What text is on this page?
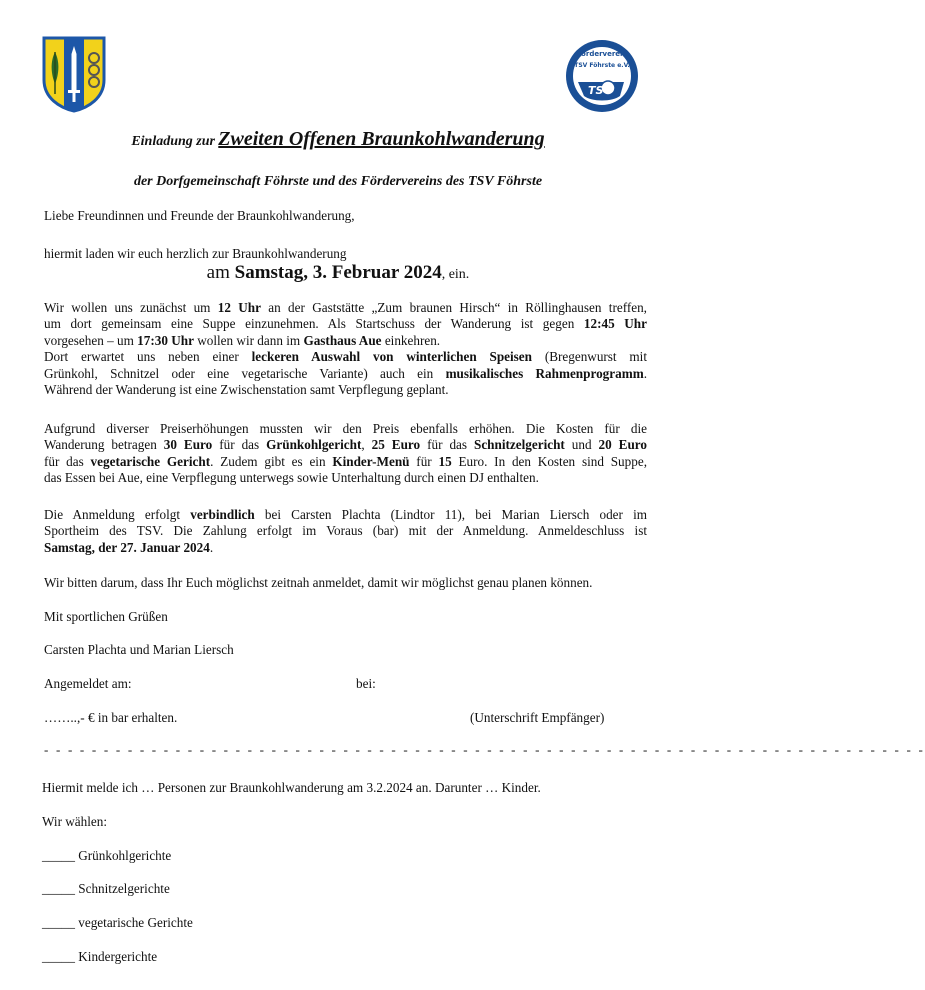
Förderverein
TSV Föhrste e.V.
TS
Einladung zur Zweiten Offenen Braunkohlwanderung
der Dorfgemeinschaft Föhrste und des Fördervereins des TSV Föhrste
Liebe Freundinnen und Freunde der Braunkohlwanderung,
hiermit laden wir euch herzlich zur Braunkohlwanderung
am Samstag, 3. Februar 2024, ein.
Wir wollen uns zunächst um 12 Uhr an der Gaststätte „Zum braunen Hirsch“ in Röllinghausen treffen,
um dort gemeinsam eine Suppe einzunehmen. Als Startschuss der Wanderung ist gegen 12:45 Uhr
vorgesehen – um 17:30 Uhr wollen wir dann im Gasthaus Aue einkehren.
Dort erwartet uns neben einer leckeren Auswahl von winterlichen Speisen (Bregenwurst mit
Grünkohl, Schnitzel oder eine vegetarische Variante) auch ein musikalisches Rahmenprogramm.
Während der Wanderung ist eine Zwischenstation samt Verpflegung geplant.
Aufgrund diverser Preiserhöhungen mussten wir den Preis ebenfalls erhöhen. Die Kosten für die
Wanderung betragen 30 Euro für das Grünkohlgericht, 25 Euro für das Schnitzelgericht und 20 Euro
für das vegetarische Gericht. Zudem gibt es ein Kinder-Menü für 15 Euro. In den Kosten sind Suppe,
das Essen bei Aue, eine Verpflegung unterwegs sowie Unterhaltung durch einen DJ enthalten.
Die Anmeldung erfolgt verbindlich bei Carsten Plachta (Lindtor 11), bei Marian Liersch oder im
Sportheim des TSV. Die Zahlung erfolgt im Voraus (bar) mit der Anmeldung. Anmeldeschluss ist
Samstag, der 27. Januar 2024.
Wir bitten darum, dass Ihr Euch möglichst zeitnah anmeldet, damit wir möglichst genau planen können.
Mit sportlichen Grüßen
Carsten Plachta und Marian Liersch
Angemeldet am:	bei:
……..,- € in bar erhalten.	(Unterschrift Empfänger)
- - - - - - - - - - - - - - - - - - - - - - - - - - - - - - - - - - - - - - - - - - - - - - - - - - - - - - - - - - - - - - - - - - - - - - - - - -
Hiermit melde ich … Personen zur Braunkohlwanderung am 3.2.2024 an. Darunter … Kinder.
Wir wählen:
_____ Grünkohlgerichte
_____ Schnitzelgerichte
_____ vegetarische Gerichte
_____ Kindergerichte
